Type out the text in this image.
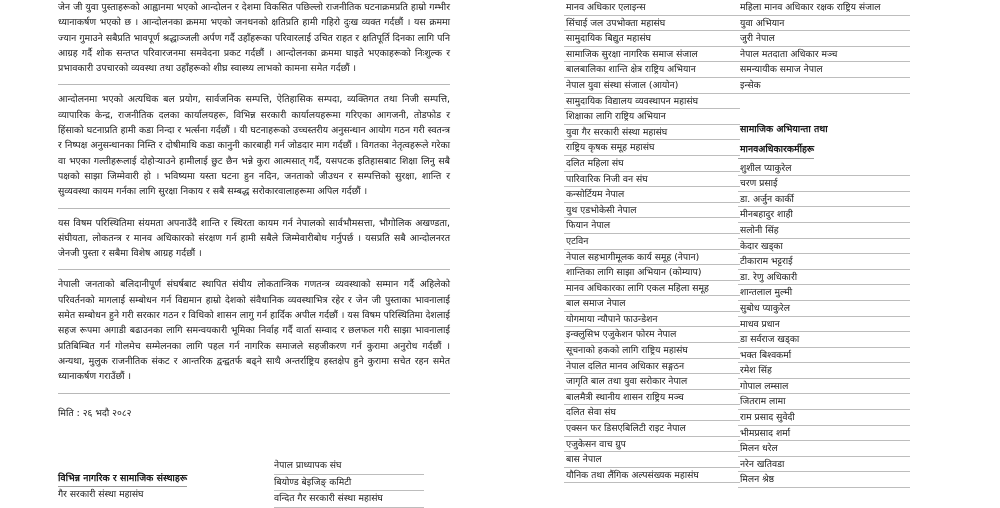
जेन जी युवा पुस्ताहरूको आह्वानमा भएको आन्दोलन र देशमा विकसित पछिल्लो राजनीतिक घटनाक्रमप्रति हाम्रो गम्भीर ध्यानाकर्षण भएको छ । आन्दोलनका क्रममा भएको जनधनको क्षतिप्रति हामी गहिरो दुःख व्यक्त गर्दछौं । यस क्रममा ज्यान गुमाउने सबैप्रति भावपूर्ण श्रद्धाञ्जली अर्पण गर्दै उहाँहरूका परिवारलाई उचित राहत र क्षतिपूर्ति दिनका लागि पनि आग्रह गर्दै शोक सन्तप्त परिवारजनमा समवेदना प्रकट गर्दछौं । आन्दोलनका क्रममा घाइते भएकाहरूको निःशुल्क र प्रभावकारी उपचारको व्यवस्था तथा उहाँहरूको शीघ्र स्वास्थ्य लाभको कामना समेत गर्दछौं ।

आन्दोलनमा भएको अत्यधिक बल प्रयोग, सार्वजनिक सम्पत्ति, ऐतिहासिक सम्पदा, व्यक्तिगत तथा निजी सम्पत्ति, व्यापारिक केन्द्र, राजनीतिक दलका कार्यालयहरू, विभिन्न सरकारी कार्यालयहरूमा गरिएका आगजनी, तोडफोड र हिंसाको घटनाप्रति हामी कडा निन्दा र भर्त्सना गर्दछौं । यी घटनाहरूको उच्चस्तरीय अनुसन्धान आयोग गठन गरी स्वतन्त्र र निष्पक्ष अनुसन्धानका निम्ति र दोषीमाथि कडा कानुनी कारबाही गर्न जोडदार माग गर्दछौं । विगतका नेतृत्वहरूले गरेका वा भएका गल्तीहरूलाई दोहोऱ्याउने हामीलाई छुट छैन भन्ने कुरा आत्मसात् गर्दै, यसपटक इतिहासबाट शिक्षा लिनु सबै पक्षको साझा जिम्मेवारी हो । भविष्यमा यस्ता घटना हुन नदिन, जनताको जीउधन र सम्पत्तिको सुरक्षा, शान्ति र सुव्यवस्था कायम गर्नका लागि सुरक्षा निकाय र सबै सम्बद्ध सरोकारवालाहरूमा अपिल गर्दछौं ।

यस विषम परिस्थितिमा संयमता अपनाउँदै शान्ति र स्थिरता कायम गर्न नेपालको सार्वभौमसत्ता, भौगोलिक अखण्डता, संघीयता, लोकतन्त्र र मानव अधिकारको संरक्षण गर्न हामी सबैले जिम्मेवारीबोध गर्नुपर्छ । यसप्रति सबै आन्दोलनरत जेनजी पुस्ता र सबैमा विशेष आग्रह गर्दछौं ।

नेपाली जनताको बलिदानीपूर्ण संघर्षबाट स्थापित संघीय लोकतान्त्रिक गणतन्त्र व्यवस्थाको सम्मान गर्दै अहिलेको परिवर्तनको मागलाई सम्बोधन गर्न विद्यमान हाम्रो देशको संवैधानिक व्यवस्थाभित्र रहेर र जेन जी पुस्ताका भावनालाई समेत सम्बोधन हुने गरी सरकार गठन र विधिको शासन लागु गर्न हार्दिक अपील गर्दछौं । यस विषम परिस्थितिमा देशलाई सहज रूपमा अगाडी बढाउनका लागि समन्वयकारी भूमिका निर्वाह गर्दै वार्ता सम्वाद र छलफल गरी साझा भावनालाई प्रतिबिम्बित गर्न गोलमेच सम्मेलनका लागि पहल गर्न नागरिक समाजले सहजीकरण गर्न कुरामा अनुरोध गर्दछौं । अन्यथा, मुलुक राजनीतिक संकट र आन्तरिक द्वन्द्वतर्फ बढ्ने साथै अन्तर्राष्ट्रिय हस्तक्षेप हुने कुरामा सचेत रहन समेत ध्यानाकर्षण गराउँछौं ।

मिति : २६ भदौ २०८२
विभिन्न नागरिक र सामाजिक संस्थाहरू
गैर सरकारी संस्था महासंघ
नेपाल प्राध्यापक संघ
बियोण्ड बेइजिङ् कमिटी
वन्दित गैर सरकारी संस्था महासंघ
मानव अधिकार एलाइन्स
सिंचाई जल उपभोक्ता महासंघ
सामुदायिक बिद्युत महासंघ
सामाजिक सुरक्षा नागरिक समाज संजाल
बालबालिका शान्ति क्षेत्र राष्ट्रिय अभियान
नेपाल युवा संस्था संजाल (आयोन)
सामुदायिक विद्यालय व्यवस्थापन महासंघ
शिक्षाका लागि राष्ट्रिय अभियान
युवा गैर सरकारी संस्था महासंघ
राष्ट्रिय कृषक समूह महासंघ
दलित महिला संघ
पारिवारिक निजी वन संघ
कन्सोर्टियम नेपाल
युथ एडभोकेसी नेपाल
फियान नेपाल
एटविन
नेपाल सहभागीमूलक कार्य समूह (नेपान)
शान्तिका लागि साझा अभियान (कोम्याप)
मानव अधिकारका लागि एकल महिला समूह
बाल समाज नेपाल
योगमाया न्यौपाने फाउन्डेशन
इन्क्लुसिभ एजुकेशन फोरम नेपाल
सूचनाको हकको लागि राष्ट्रिय महासंघ
नेपाल दलित मानव अधिकार सङ्गठन
जागृति बाल तथा युवा सरोकार नेपाल
बालमैत्री स्थानीय शासन राष्ट्रिय मञ्च
दलित सेवा संघ
एक्सन फर डिसएबिलिटी राइट नेपाल
एजुकेसन वाच ग्रुप
बास नेपाल
यौनिक तथा लैंगिक अल्पसंख्यक महासंघ
महिला मानव अधिकार रक्षक राष्ट्रिय संजाल
युवा अभियान
जुरी नेपाल
नेपाल मतदाता अधिकार मञ्च
समन्यायीक समाज नेपाल
इन्सेक
सामाजिक अभियान्ता तथा
मानवअधिकारकर्मीहरू
शुशील प्याकुरेल
चरण प्रसाई
डा. अर्जुन कार्की
मीनबहादुर शाही
सलोनी सिंह
केदार खड्का
टीकाराम भट्टराई
डा. रेणु अधिकारी
शान्तलाल मुल्मी
सुबोध प्याकुरेल
माधव प्रधान
डा सर्वराज खड्का
भक्त बिश्वकर्मा
रमेश सिंह
गोपाल लम्साल
जितराम लामा
राम प्रसाद सुवेदी
भीमप्रसाद शर्मा
मिलन धरेल
नरेन खतिवडा
मिलन श्रेष्ठ
